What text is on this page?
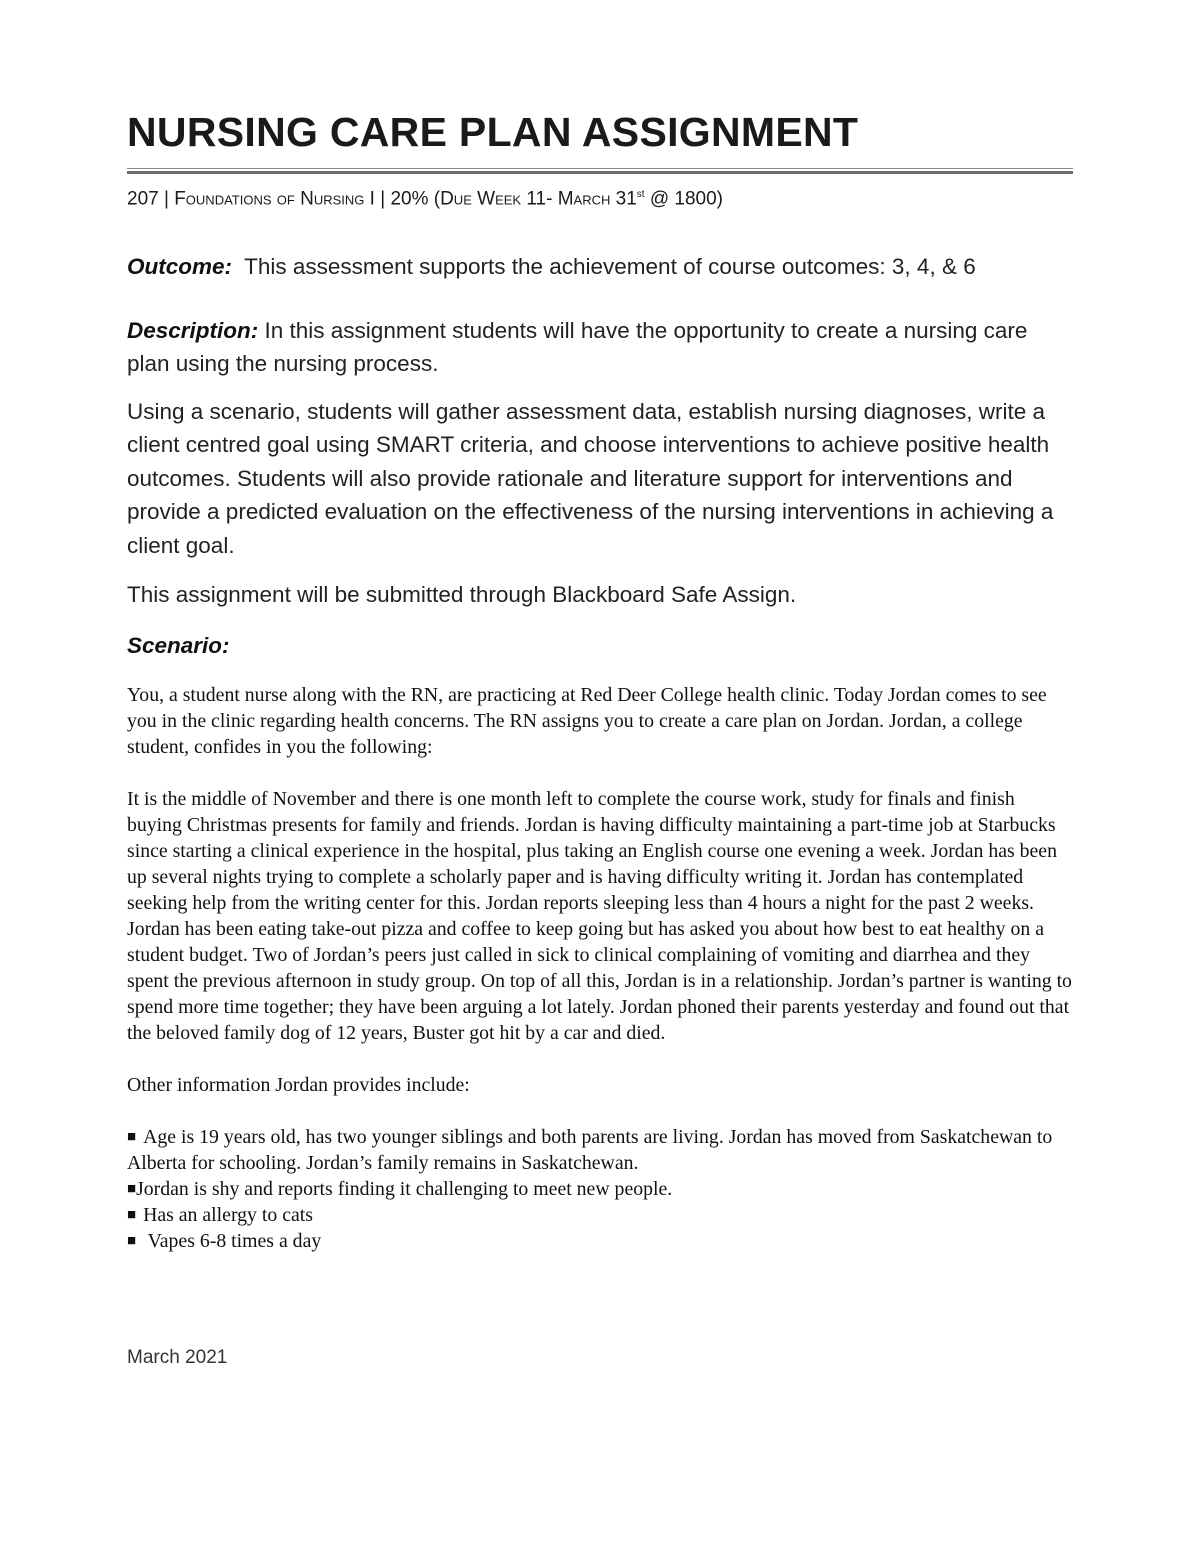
NURSING CARE PLAN ASSIGNMENT
207 | Foundations of Nursing I | 20% (Due Week 11- March 31st @ 1800)

Outcome:  This assessment supports the achievement of course outcomes: 3, 4, & 6

Description: In this assignment students will have the opportunity to create a nursing care plan using the nursing process.

Using a scenario, students will gather assessment data, establish nursing diagnoses, write a client centred goal using SMART criteria, and choose interventions to achieve positive health outcomes. Students will also provide rationale and literature support for interventions and provide a predicted evaluation on the effectiveness of the nursing interventions in achieving a client goal.

This assignment will be submitted through Blackboard Safe Assign.

Scenario:

You, a student nurse along with the RN, are practicing at Red Deer College health clinic. Today Jordan comes to see you in the clinic regarding health concerns. The RN assigns you to create a care plan on Jordan. Jordan, a college student, confides in you the following:

It is the middle of November and there is one month left to complete the course work, study for finals and finish buying Christmas presents for family and friends. Jordan is having difficulty maintaining a part-time job at Starbucks since starting a clinical experience in the hospital, plus taking an English course one evening a week. Jordan has been up several nights trying to complete a scholarly paper and is having difficulty writing it. Jordan has contemplated seeking help from the writing center for this. Jordan reports sleeping less than 4 hours a night for the past 2 weeks. Jordan has been eating take-out pizza and coffee to keep going but has asked you about how best to eat healthy on a student budget. Two of Jordan’s peers just called in sick to clinical complaining of vomiting and diarrhea and they spent the previous afternoon in study group. On top of all this, Jordan is in a relationship. Jordan’s partner is wanting to spend more time together; they have been arguing a lot lately. Jordan phoned their parents yesterday and found out that the beloved family dog of 12 years, Buster got hit by a car and died.

Other information Jordan provides include:

■ Age is 19 years old, has two younger siblings and both parents are living. Jordan has moved from Saskatchewan to Alberta for schooling. Jordan’s family remains in Saskatchewan.
■Jordan is shy and reports finding it challenging to meet new people.
■ Has an allergy to cats
■ Vapes 6-8 times a day
March 2021
